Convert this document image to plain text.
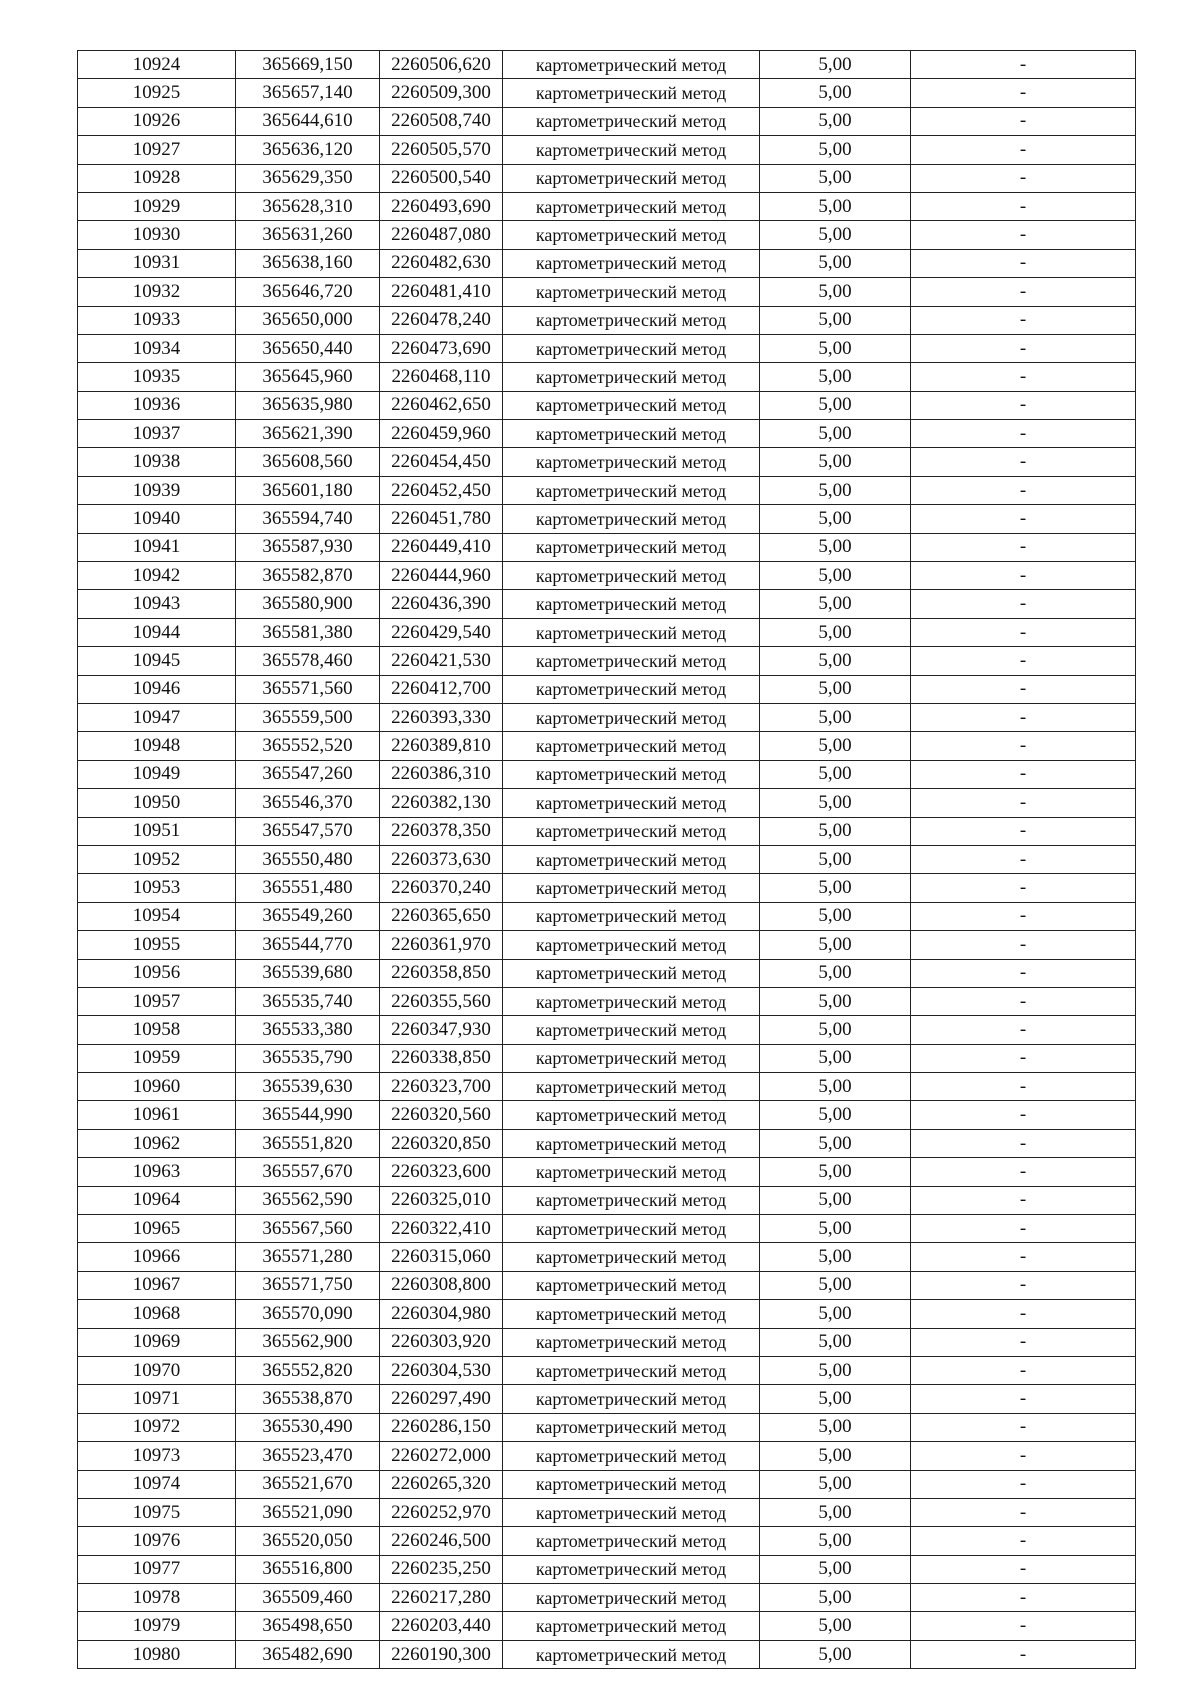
10924	365669,150	2260506,620	картометрический метод	5,00	-
10925	365657,140	2260509,300	картометрический метод	5,00	-
10926	365644,610	2260508,740	картометрический метод	5,00	-
10927	365636,120	2260505,570	картометрический метод	5,00	-
10928	365629,350	2260500,540	картометрический метод	5,00	-
10929	365628,310	2260493,690	картометрический метод	5,00	-
10930	365631,260	2260487,080	картометрический метод	5,00	-
10931	365638,160	2260482,630	картометрический метод	5,00	-
10932	365646,720	2260481,410	картометрический метод	5,00	-
10933	365650,000	2260478,240	картометрический метод	5,00	-
10934	365650,440	2260473,690	картометрический метод	5,00	-
10935	365645,960	2260468,110	картометрический метод	5,00	-
10936	365635,980	2260462,650	картометрический метод	5,00	-
10937	365621,390	2260459,960	картометрический метод	5,00	-
10938	365608,560	2260454,450	картометрический метод	5,00	-
10939	365601,180	2260452,450	картометрический метод	5,00	-
10940	365594,740	2260451,780	картометрический метод	5,00	-
10941	365587,930	2260449,410	картометрический метод	5,00	-
10942	365582,870	2260444,960	картометрический метод	5,00	-
10943	365580,900	2260436,390	картометрический метод	5,00	-
10944	365581,380	2260429,540	картометрический метод	5,00	-
10945	365578,460	2260421,530	картометрический метод	5,00	-
10946	365571,560	2260412,700	картометрический метод	5,00	-
10947	365559,500	2260393,330	картометрический метод	5,00	-
10948	365552,520	2260389,810	картометрический метод	5,00	-
10949	365547,260	2260386,310	картометрический метод	5,00	-
10950	365546,370	2260382,130	картометрический метод	5,00	-
10951	365547,570	2260378,350	картометрический метод	5,00	-
10952	365550,480	2260373,630	картометрический метод	5,00	-
10953	365551,480	2260370,240	картометрический метод	5,00	-
10954	365549,260	2260365,650	картометрический метод	5,00	-
10955	365544,770	2260361,970	картометрический метод	5,00	-
10956	365539,680	2260358,850	картометрический метод	5,00	-
10957	365535,740	2260355,560	картометрический метод	5,00	-
10958	365533,380	2260347,930	картометрический метод	5,00	-
10959	365535,790	2260338,850	картометрический метод	5,00	-
10960	365539,630	2260323,700	картометрический метод	5,00	-
10961	365544,990	2260320,560	картометрический метод	5,00	-
10962	365551,820	2260320,850	картометрический метод	5,00	-
10963	365557,670	2260323,600	картометрический метод	5,00	-
10964	365562,590	2260325,010	картометрический метод	5,00	-
10965	365567,560	2260322,410	картометрический метод	5,00	-
10966	365571,280	2260315,060	картометрический метод	5,00	-
10967	365571,750	2260308,800	картометрический метод	5,00	-
10968	365570,090	2260304,980	картометрический метод	5,00	-
10969	365562,900	2260303,920	картометрический метод	5,00	-
10970	365552,820	2260304,530	картометрический метод	5,00	-
10971	365538,870	2260297,490	картометрический метод	5,00	-
10972	365530,490	2260286,150	картометрический метод	5,00	-
10973	365523,470	2260272,000	картометрический метод	5,00	-
10974	365521,670	2260265,320	картометрический метод	5,00	-
10975	365521,090	2260252,970	картометрический метод	5,00	-
10976	365520,050	2260246,500	картометрический метод	5,00	-
10977	365516,800	2260235,250	картометрический метод	5,00	-
10978	365509,460	2260217,280	картометрический метод	5,00	-
10979	365498,650	2260203,440	картометрический метод	5,00	-
10980	365482,690	2260190,300	картометрический метод	5,00	-
